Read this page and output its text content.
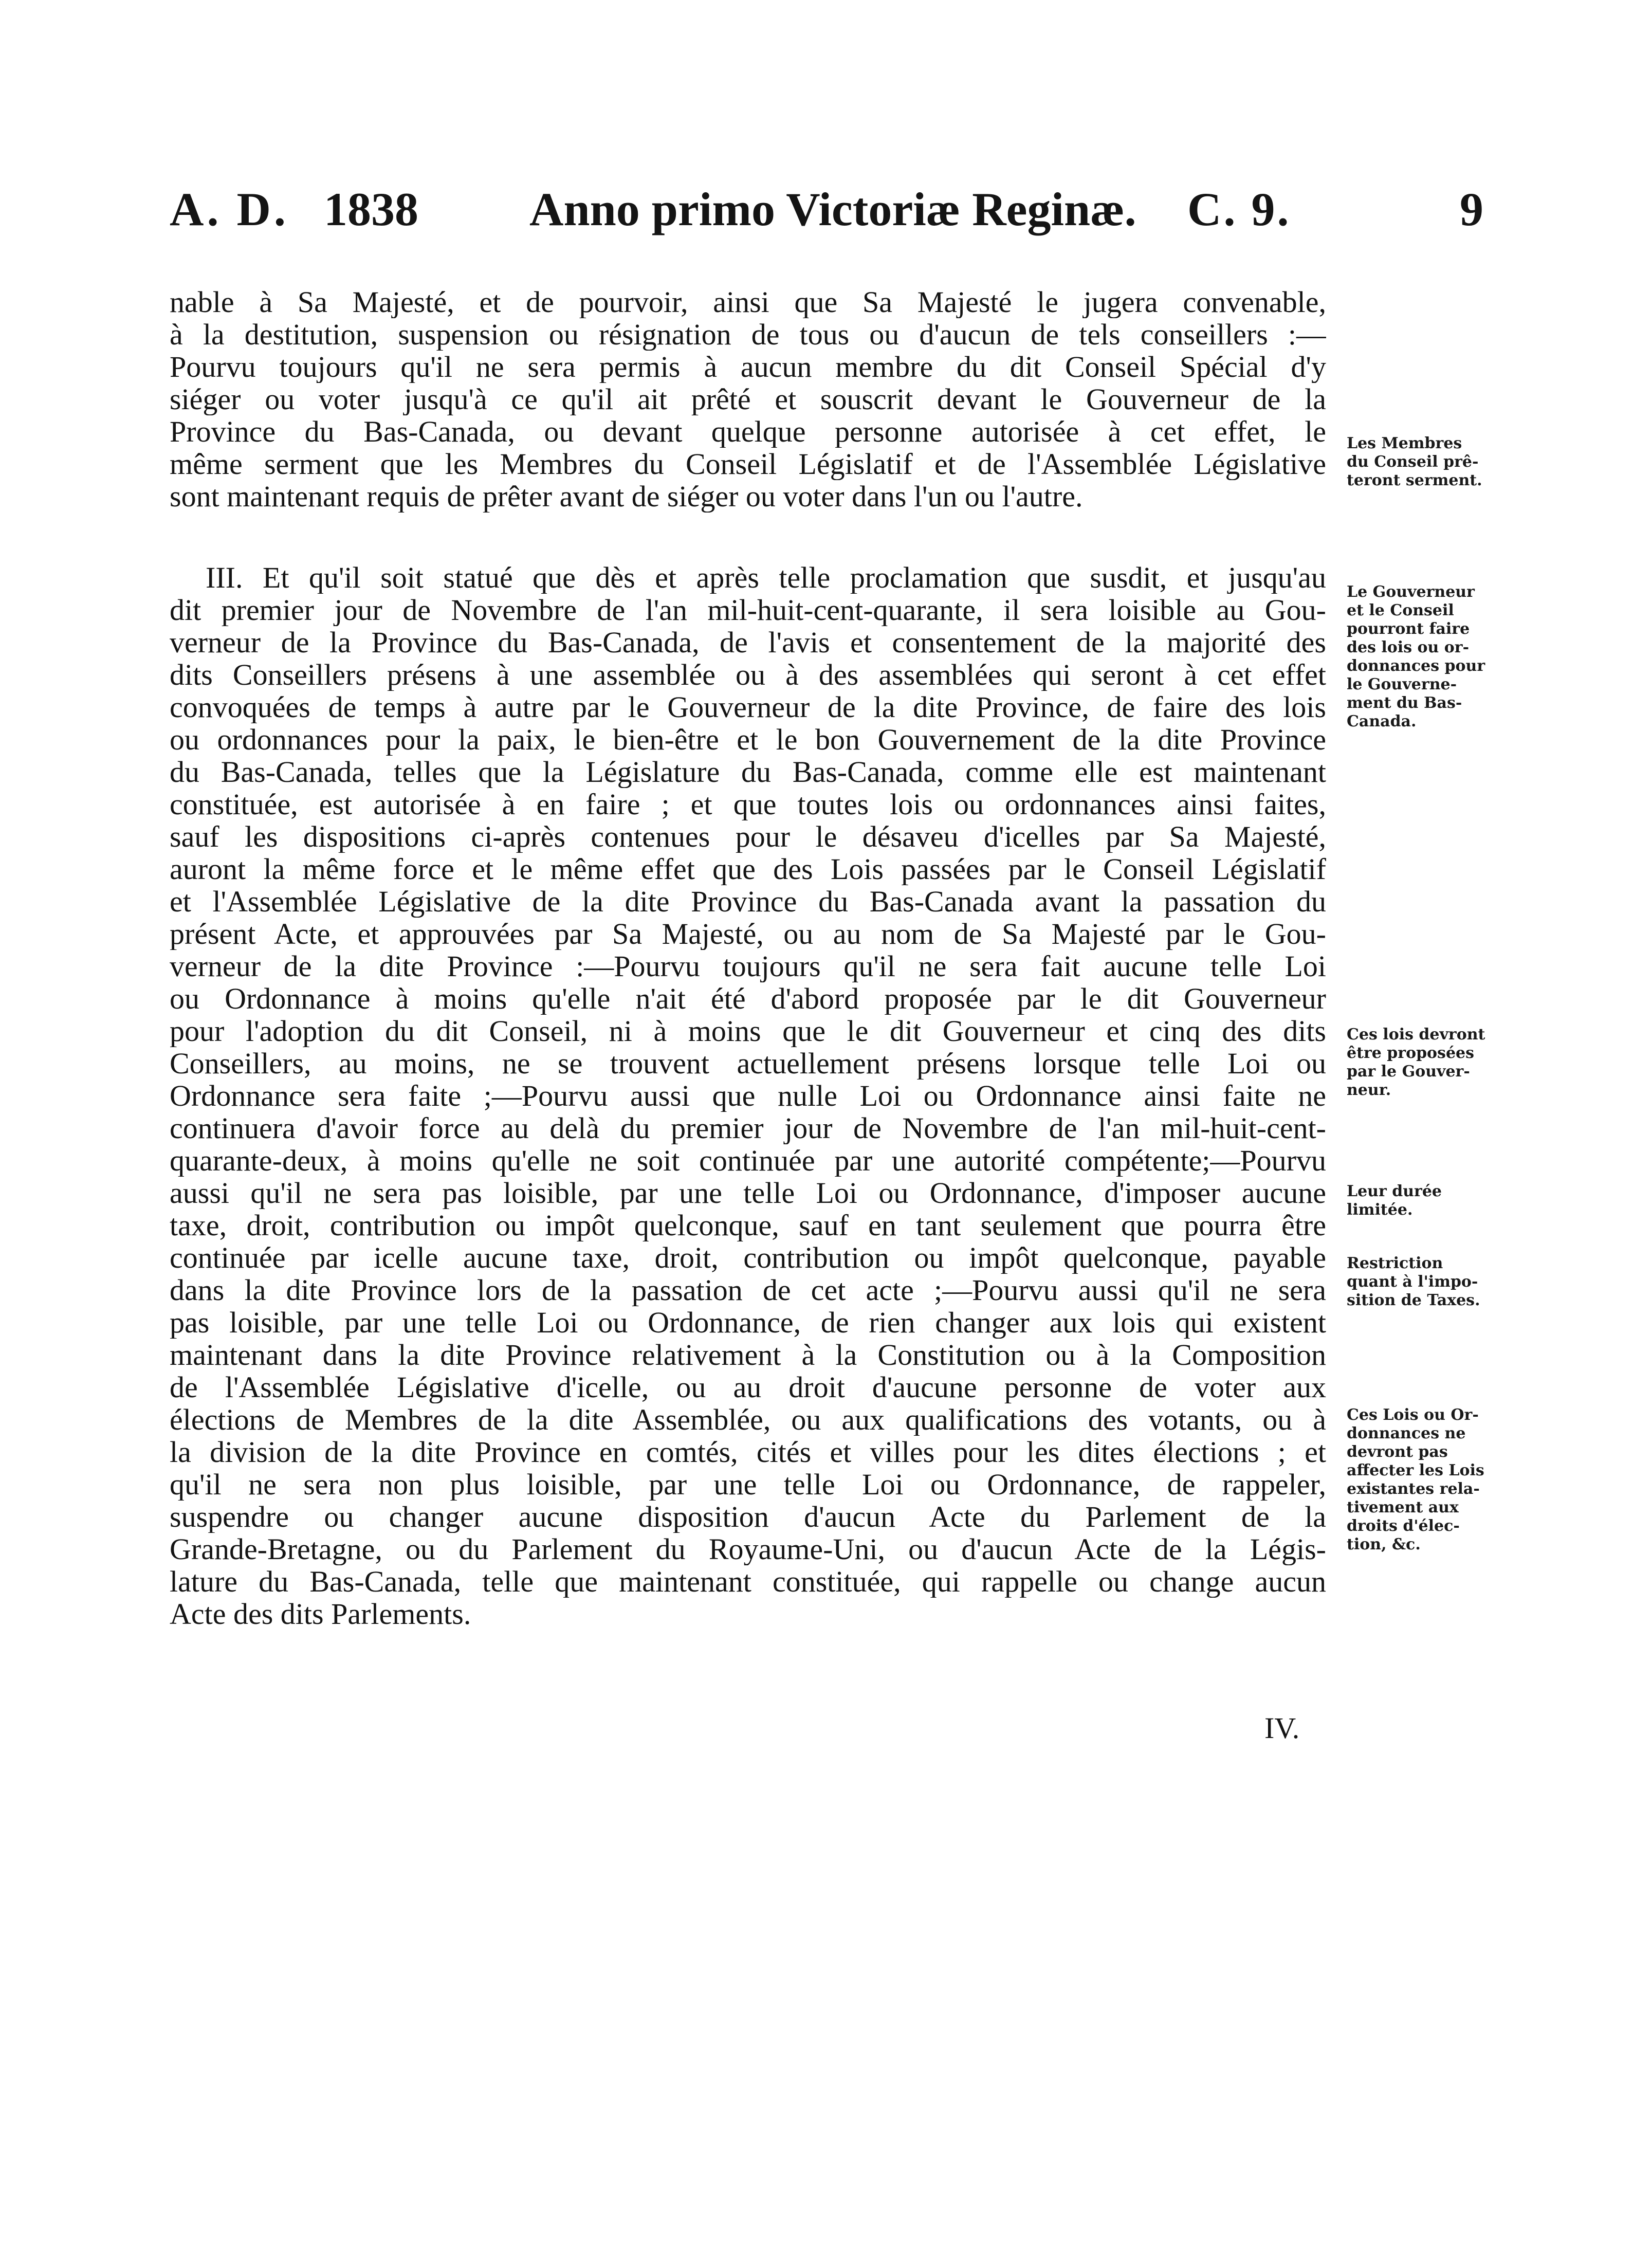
A. D. 1838 Anno primo Victoriæ Reginæ. C. 9.	9
nable à Sa Majesté, et de pourvoir, ainsi que Sa Majesté le jugera convenable,
à la destitution, suspension ou résignation de tous ou d'aucun de tels conseillers :—
Pourvu toujours qu'il ne sera permis à aucun membre du dit Conseil Spécial d'y
siéger ou voter jusqu'à ce qu'il ait prêté et souscrit devant le Gouverneur de la
Province du Bas-Canada, ou devant quelque personne autorisée à cet effet, le
même serment que les Membres du Conseil Législatif et de l'Assemblée Législative
sont maintenant requis de prêter avant de siéger ou voter dans l'un ou l'autre.
III. Et qu'il soit statué que dès et après telle proclamation que susdit, et jusqu'au
dit premier jour de Novembre de l'an mil-huit-cent-quarante, il sera loisible au Gou-
verneur de la Province du Bas-Canada, de l'avis et consentement de la majorité des
dits Conseillers présens à une assemblée ou à des assemblées qui seront à cet effet
convoquées de temps à autre par le Gouverneur de la dite Province, de faire des lois
ou ordonnances pour la paix, le bien-être et le bon Gouvernement de la dite Province
du Bas-Canada, telles que la Législature du Bas-Canada, comme elle est maintenant
constituée, est autorisée à en faire ; et que toutes lois ou ordonnances ainsi faites,
sauf les dispositions ci-après contenues pour le désaveu d'icelles par Sa Majesté,
auront la même force et le même effet que des Lois passées par le Conseil Législatif
et l'Assemblée Législative de la dite Province du Bas-Canada avant la passation du
présent Acte, et approuvées par Sa Majesté, ou au nom de Sa Majesté par le Gou-
verneur de la dite Province :—Pourvu toujours qu'il ne sera fait aucune telle Loi
ou Ordonnance à moins qu'elle n'ait été d'abord proposée par le dit Gouverneur
pour l'adoption du dit Conseil, ni à moins que le dit Gouverneur et cinq des dits
Conseillers, au moins, ne se trouvent actuellement présens lorsque telle Loi ou
Ordonnance sera faite ;—Pourvu aussi que nulle Loi ou Ordonnance ainsi faite ne
continuera d'avoir force au delà du premier jour de Novembre de l'an mil-huit-cent-
quarante-deux, à moins qu'elle ne soit continuée par une autorité compétente;—Pourvu
aussi qu'il ne sera pas loisible, par une telle Loi ou Ordonnance, d'imposer aucune
taxe, droit, contribution ou impôt quelconque, sauf en tant seulement que pourra être
continuée par icelle aucune taxe, droit, contribution ou impôt quelconque, payable
dans la dite Province lors de la passation de cet acte ;—Pourvu aussi qu'il ne sera
pas loisible, par une telle Loi ou Ordonnance, de rien changer aux lois qui existent
maintenant dans la dite Province relativement à la Constitution ou à la Composition
de l'Assemblée Législative d'icelle, ou au droit d'aucune personne de voter aux
élections de Membres de la dite Assemblée, ou aux qualifications des votants, ou à
la division de la dite Province en comtés, cités et villes pour les dites élections ; et
qu'il ne sera non plus loisible, par une telle Loi ou Ordonnance, de rappeler,
suspendre ou changer aucune disposition d'aucun Acte du Parlement de la
Grande-Bretagne, ou du Parlement du Royaume-Uni, ou d'aucun Acte de la Légis-
lature du Bas-Canada, telle que maintenant constituée, qui rappelle ou change aucun
Acte des dits Parlements.
Les Membres
du Conseil prê-
teront serment.
Le Gouverneur
et le Conseil
pourront faire
des lois ou or-
donnances pour
le Gouverne-
ment du Bas-
Canada.
Ces lois devront
être proposées
par le Gouver-
neur.
Leur durée
limitée.
Restriction
quant à l'impo-
sition de Taxes.
Ces Lois ou Or-
donnances ne
devront pas
affecter les Lois
existantes rela-
tivement aux
droits d'élec-
tion, &c.
IV.
